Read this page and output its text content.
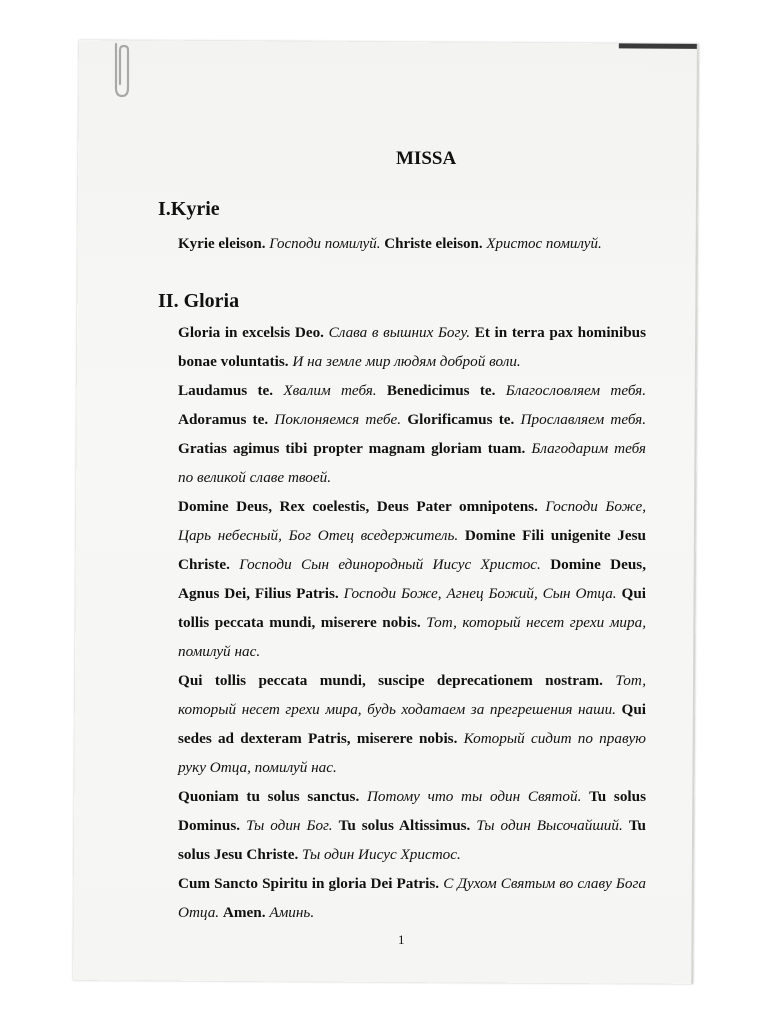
MISSA
I.Kyrie
Kyrie eleison. Господи помилуй. Christe eleison. Христос помилуй.
II. Gloria

Gloria in excelsis Deo. Слава в вышних Богу. Et in terra pax hominibus bonae voluntatis. И на земле мир людям доброй воли.

Laudamus te. Хвалим тебя. Benedicimus te. Благословляем тебя. Adoramus te. Поклоняемся тебе. Glorificamus te. Прославляем тебя. Gratias agimus tibi propter magnam gloriam tuam. Благодарим тебя по великой славе твоей.

Domine Deus, Rex coelestis, Deus Pater omnipotens. Господи Боже, Царь небесный, Бог Отец вседержитель. Domine Fili unigenite Jesu Christe. Господи Сын единородный Иисус Христос. Domine Deus, Agnus Dei, Filius Patris. Господи Боже, Агнец Божий, Сын Отца. Qui tollis peccata mundi, miserere nobis. Тот, который несет грехи мира, помилуй нас.

Qui tollis peccata mundi, suscipe deprecationem nostram. Тот, который несет грехи мира, будь ходатаем за прегрешения наши. Qui sedes ad dexteram Patris, miserere nobis. Который сидит по правую руку Отца, помилуй нас.

Quoniam tu solus sanctus. Потому что ты один Святой. Tu solus Dominus. Ты один Бог. Tu solus Altissimus. Ты один Высочайший. Tu solus Jesu Christe. Ты один Иисус Христос.

Cum Sancto Spiritu in gloria Dei Patris. С Духом Святым во славу Бога Отца. Amen. Аминь.

1
